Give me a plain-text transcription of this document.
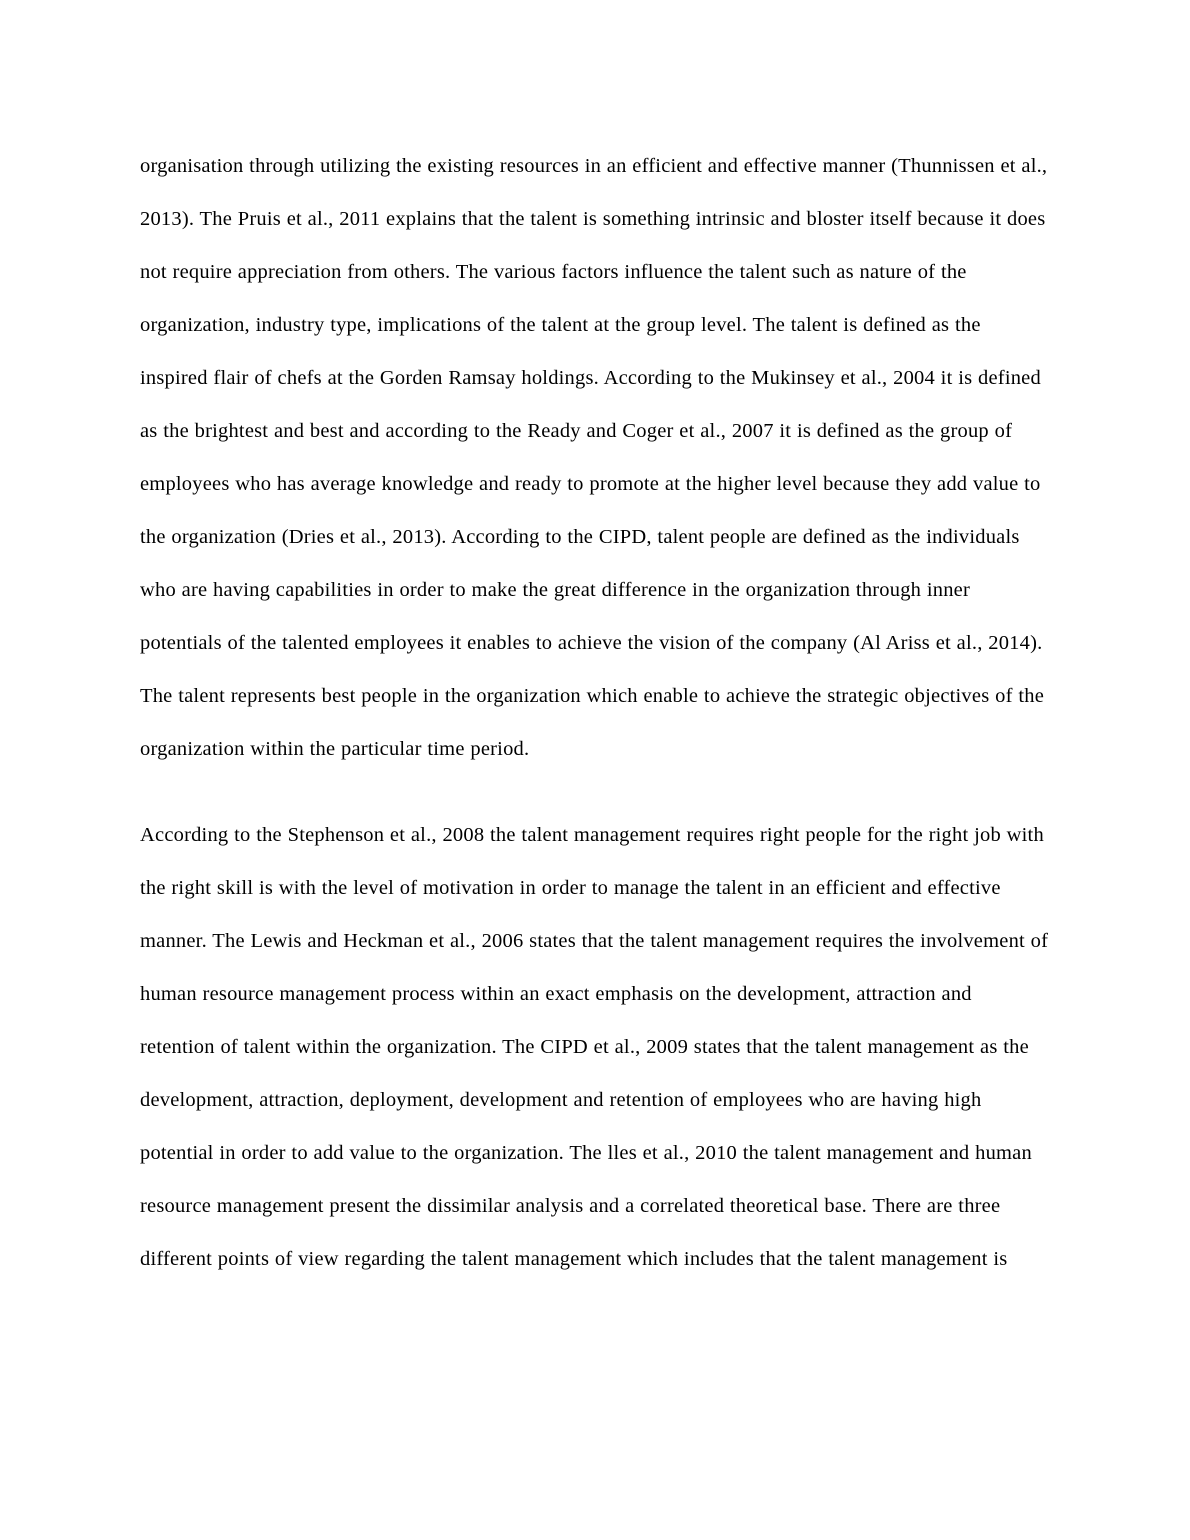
organisation through utilizing the existing resources in an efficient and effective manner (Thunnissen et al., 2013). The Pruis et al., 2011 explains that the talent is something intrinsic and bloster itself because it does not require appreciation from others. The various factors influence the talent such as nature of the organization, industry type, implications of the talent at the group level. The talent is defined as the inspired flair of chefs at the Gorden Ramsay holdings. According to the Mukinsey et al., 2004 it is defined as the brightest and best and according to the Ready and Coger et al., 2007 it is defined as the group of employees who has average knowledge and ready to promote at the higher level because they add value to the organization (Dries et al., 2013). According to the CIPD, talent people are defined as the individuals who are having capabilities in order to make the great difference in the organization through inner potentials of the talented employees it enables to achieve the vision of the company (Al Ariss et al., 2014). The talent represents best people in the organization which enable to achieve the strategic objectives of the organization within the particular time period.

According to the Stephenson et al., 2008 the talent management requires right people for the right job with the right skill is with the level of motivation in order to manage the talent in an efficient and effective manner. The Lewis and Heckman et al., 2006 states that the talent management requires the involvement of human resource management process within an exact emphasis on the development, attraction and retention of talent within the organization. The CIPD et al., 2009 states that the talent management as the development, attraction, deployment, development and retention of employees who are having high potential in order to add value to the organization. The lles et al., 2010 the talent management and human resource management present the dissimilar analysis and a correlated theoretical base. There are three different points of view regarding the talent management which includes that the talent management is
